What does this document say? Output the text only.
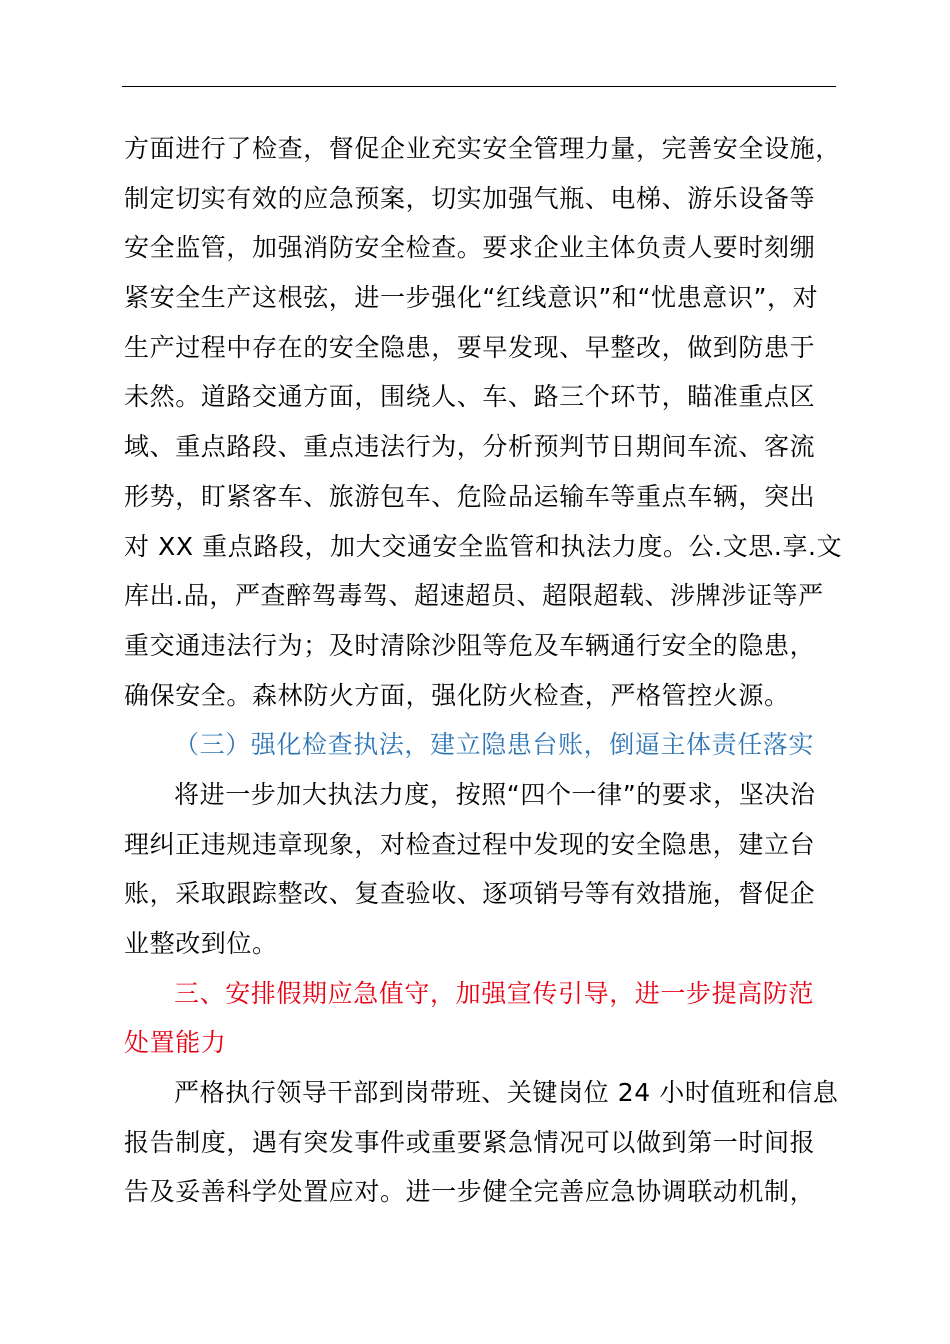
方面进行了检查，督促企业充实安全管理力量，完善安全设施，
制定切实有效的应急预案，切实加强气瓶、电梯、游乐设备等
安全监管，加强消防安全检查。要求企业主体负责人要时刻绷
紧安全生产这根弦，进一步强化“红线意识”和“忧患意识”，对
生产过程中存在的安全隐患，要早发现、早整改，做到防患于
未然。道路交通方面，围绕人、车、路三个环节，瞄准重点区
域、重点路段、重点违法行为，分析预判节日期间车流、客流
形势，盯紧客车、旅游包车、危险品运输车等重点车辆，突出
对 XX 重点路段，加大交通安全监管和执法力度。公.文思.享.文
库出.品，严查醉驾毒驾、超速超员、超限超载、涉牌涉证等严
重交通违法行为；及时清除沙阻等危及车辆通行安全的隐患，
确保安全。森林防火方面，强化防火检查，严格管控火源。
（三）强化检查执法，建立隐患台账，倒逼主体责任落实
将进一步加大执法力度，按照“四个一律”的要求，坚决治
理纠正违规违章现象，对检查过程中发现的安全隐患，建立台
账，采取跟踪整改、复查验收、逐项销号等有效措施，督促企
业整改到位。
三、安排假期应急值守，加强宣传引导，进一步提高防范
处置能力
严格执行领导干部到岗带班、关键岗位 24 小时值班和信息
报告制度，遇有突发事件或重要紧急情况可以做到第一时间报
告及妥善科学处置应对。进一步健全完善应急协调联动机制，
